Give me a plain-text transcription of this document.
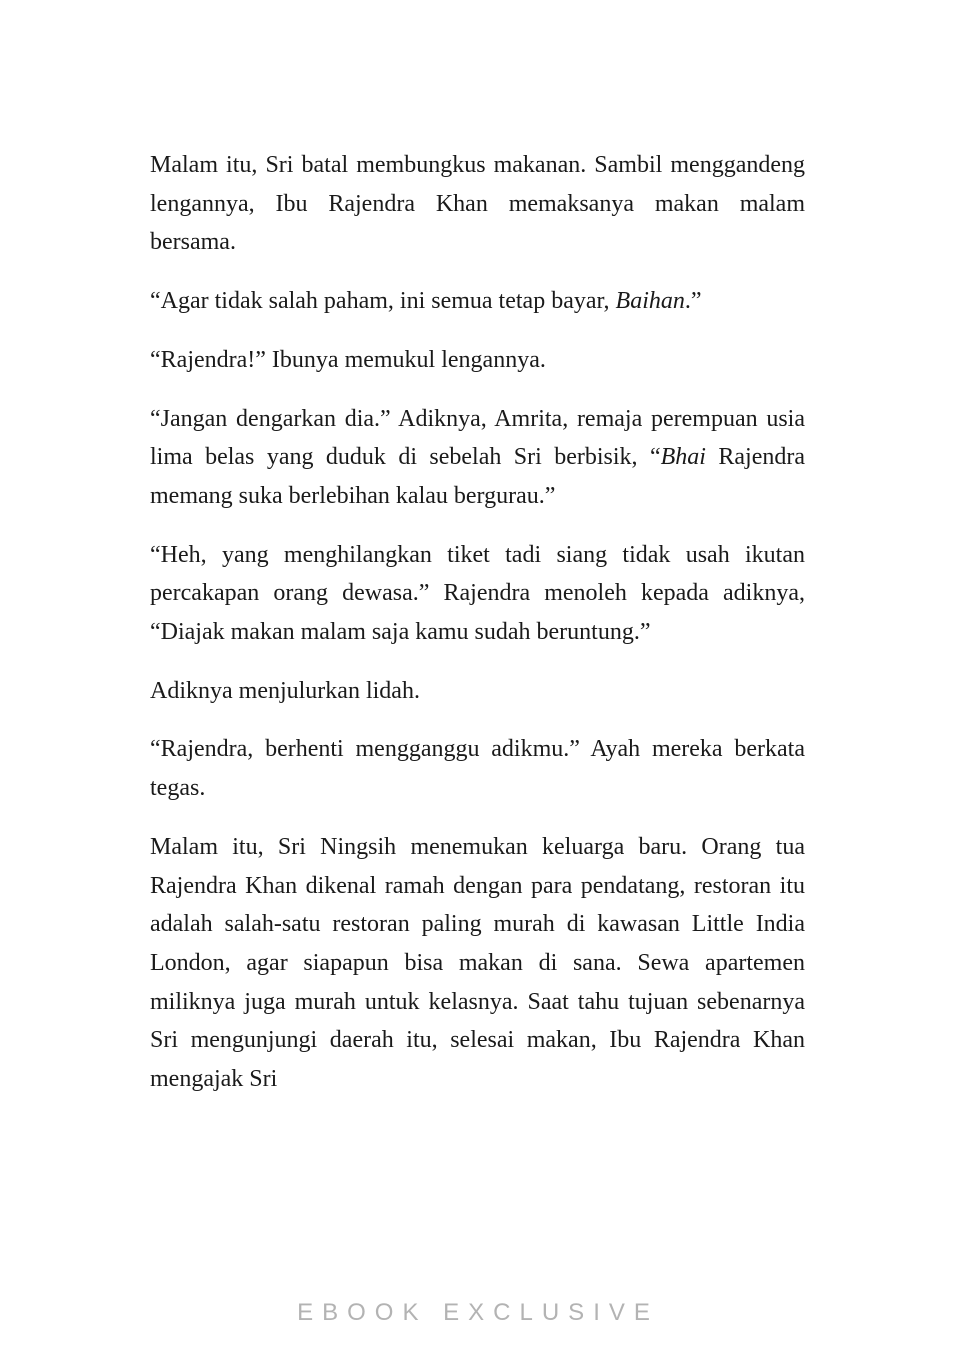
Malam itu, Sri batal membungkus makanan. Sambil menggandeng lengannya, Ibu Rajendra Khan memaksanya makan malam bersama.

“Agar tidak salah paham, ini semua tetap bayar, Baihan.”

“Rajendra!” Ibunya memukul lengannya.

“Jangan dengarkan dia.” Adiknya, Amrita, remaja perempuan usia lima belas yang duduk di sebelah Sri berbisik, “Bhai Rajendra memang suka berlebihan kalau bergurau.”

“Heh, yang menghilangkan tiket tadi siang tidak usah ikutan percakapan orang dewasa.” Rajendra menoleh kepada adiknya, “Diajak makan malam saja kamu sudah beruntung.”

Adiknya menjulurkan lidah.

“Rajendra, berhenti mengganggu adikmu.” Ayah mereka berkata tegas.

Malam itu, Sri Ningsih menemukan keluarga baru. Orang tua Rajendra Khan dikenal ramah dengan para pendatang, restoran itu adalah salah-satu restoran paling murah di kawasan Little India London, agar siapapun bisa makan di sana. Sewa apartemen miliknya juga murah untuk kelasnya. Saat tahu tujuan sebenarnya Sri mengunjungi daerah itu, selesai makan, Ibu Rajendra Khan mengajak Sri

EBOOK EXCLUSIVE
